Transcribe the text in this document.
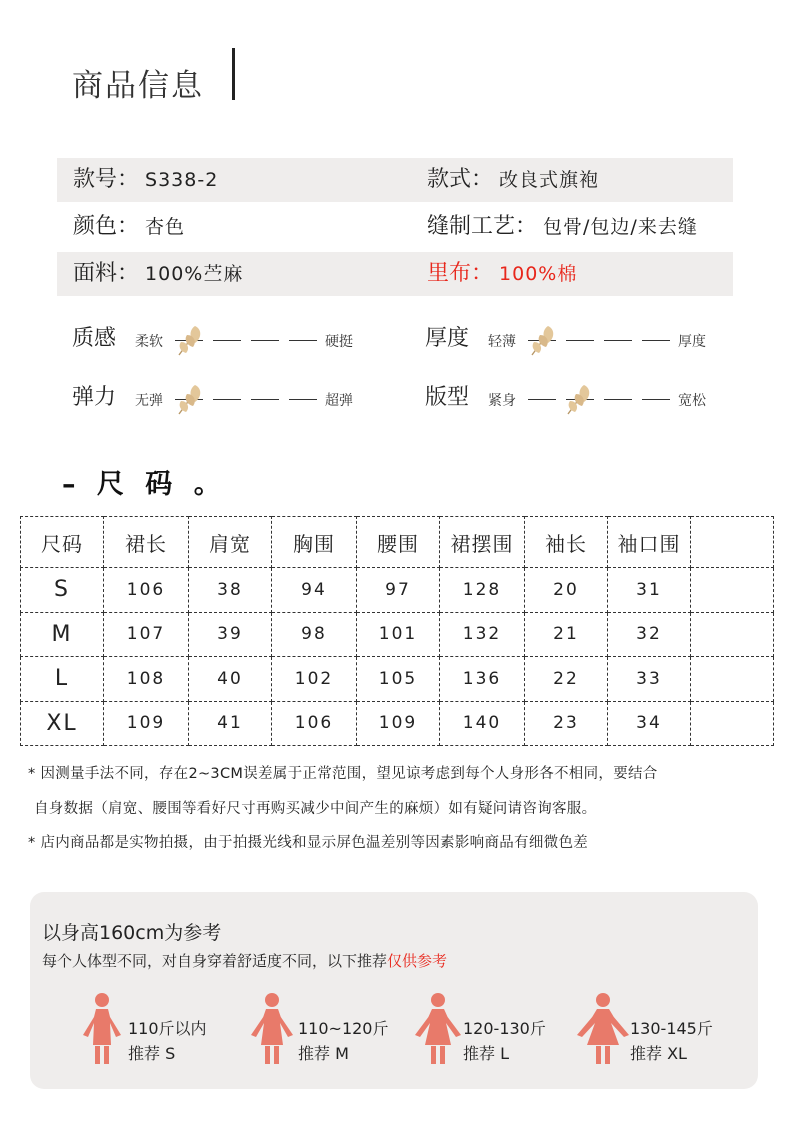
商品信息
款号： S338-2	款式： 改良式旗袍
颜色： 杏色	缝制工艺： 包骨/包边/来去缝
面料： 100%苎麻	里布： 100%棉
质感 柔软	硬挺	厚度 轻薄	厚度
弹力 无弹	超弹	版型 紧身	宽松
– 尺 码 。
尺码	裙长	肩宽	胸围	腰围	裙摆围	袖长	袖口围	
S	106	38	94	97	128	20	31	
M	107	39	98	101	132	21	32	
L	108	40	102	105	136	22	33	
XL	109	41	106	109	140	23	34	
* 因测量手法不同，存在2~3CM误差属于正常范围，望见谅考虑到每个人身形各不相同，要结合
自身数据（肩宽、腰围等看好尺寸再购买减少中间产生的麻烦）如有疑问请咨询客服。
* 店内商品都是实物拍摄，由于拍摄光线和显示屏色温差别等因素影响商品有细微色差
以身高160cm为参考
每个人体型不同，对自身穿着舒适度不同，以下推荐仅供参考
110斤以内
推荐 S
110~120斤
推荐 M
120-130斤
推荐 L
130-145斤
推荐 XL
